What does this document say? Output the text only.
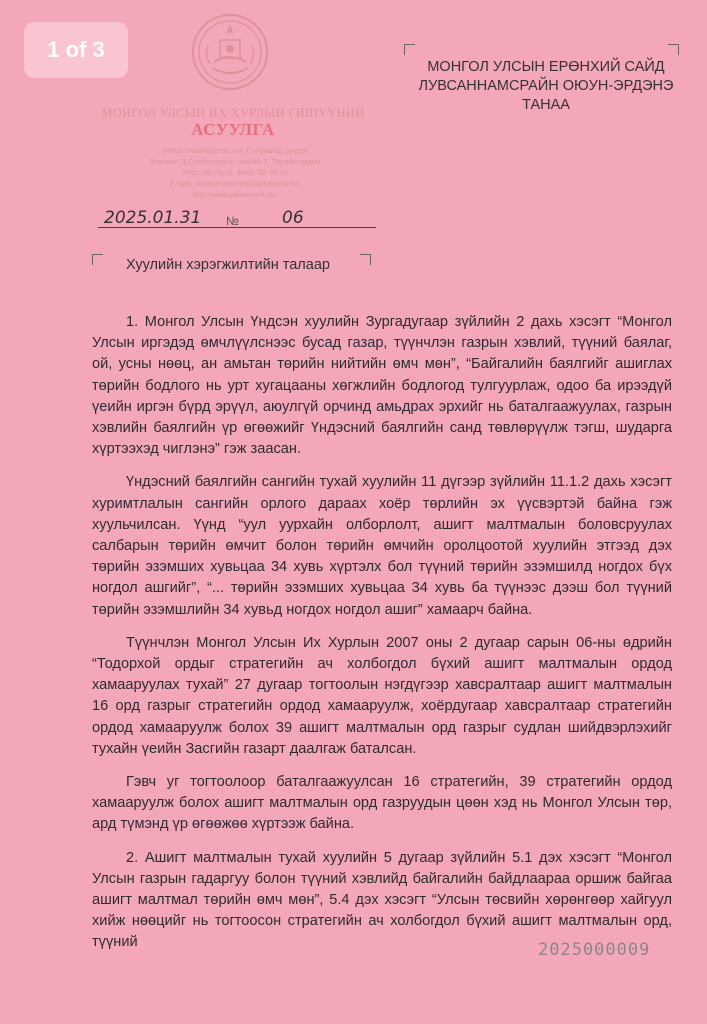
1 of 3
МОНГОЛ УЛСЫН ИХ ХУРЛЫН ГИШҮҮНИЙ
АСУУЛГА
14201 Улаанбаатар хот, Сүхбаатар дүүрэг
Жанжин Д.Сүхбаатарын талбай-1, Төрийн ордон
Утас: 26-70-16, Факс: 32-70-16
E-mail: stategreathural@parliament.mn
http://www.parliament.mn
2025.01.31 №	06
МОНГОЛ УЛСЫН ЕРӨНХИЙ САЙД
ЛУВСАННАМСРАЙН ОЮУН-ЭРДЭНЭ
ТАНАА
Хуулийн хэрэгжилтийн талаар

1. Монгол Улсын Үндсэн хуулийн Зургадугаар зүйлийн 2 дахь хэсэгт “Монгол Улсын иргэдэд өмчлүүлснээс бусад газар, түүнчлэн газрын хэвлий, түүний баялаг, ой, усны нөөц, ан амьтан төрийн нийтийн өмч мөн”, “Байгалийн баялгийг ашиглах төрийн бодлого нь урт хугацааны хөгжлийн бодлогод тулгуурлаж, одоо ба ирээдүй үеийн иргэн бүрд эрүүл, аюулгүй орчинд амьдрах эрхийг нь баталгаажуулах, газрын хэвлийн баялгийн үр өгөөжийг Үндэсний баялгийн санд төвлөрүүлж тэгш, шударга хүртээхэд чиглэнэ” гэж заасан.

Үндэсний баялгийн сангийн тухай хуулийн 11 дүгээр зүйлийн 11.1.2 дахь хэсэгт хуримтлалын сангийн орлого дараах хоёр төрлийн эх үүсвэртэй байна гэж хуульчилсан. Үүнд “уул уурхайн олборлолт, ашигт малтмалын боловсруулах салбарын төрийн өмчит болон төрийн өмчийн оролцоотой хуулийн этгээд дэх төрийн эзэмших хувьцаа 34 хувь хүртэлх бол түүний төрийн эзэмшилд ногдох бүх ногдол ашгийг”, “... төрийн эзэмших хувьцаа 34 хувь ба түүнээс дээш бол түүний төрийн эзэмшлийн 34 хувьд ногдох ногдол ашиг” хамаарч байна.

Түүнчлэн Монгол Улсын Их Хурлын 2007 оны 2 дугаар сарын 06-ны өдрийн “Тодорхой ордыг стратегийн ач холбогдол бүхий ашигт малтмалын ордод хамааруулах тухай” 27 дугаар тогтоолын нэгдүгээр хавсралтаар ашигт малтмалын 16 орд газрыг стратегийн ордод хамааруулж, хоёрдугаар хавсралтаар стратегийн ордод хамааруулж болох 39 ашигт малтмалын орд газрыг судлан шийдвэрлэхийг тухайн үеийн Засгийн газарт даалгаж баталсан.

Гэвч уг тогтоолоор баталгаажуулсан 16 стратегийн, 39 стратегийн ордод хамааруулж болох ашигт малтмалын орд газруудын цөөн хэд нь Монгол Улсын төр, ард түмэнд үр өгөөжөө хүртээж байна.

2. Ашигт малтмалын тухай хуулийн 5 дугаар зүйлийн 5.1 дэх хэсэгт “Монгол Улсын газрын гадаргуу болон түүний хэвлийд байгалийн байдлаараа оршиж байгаа ашигт малтмал төрийн өмч мөн”, 5.4 дэх хэсэгт “Улсын төсвийн хөрөнгөөр хайгуул хийж нөөцийг нь тогтоосон стратегийн ач холбогдол бүхий ашигт малтмалын орд, түүний	2025000009
